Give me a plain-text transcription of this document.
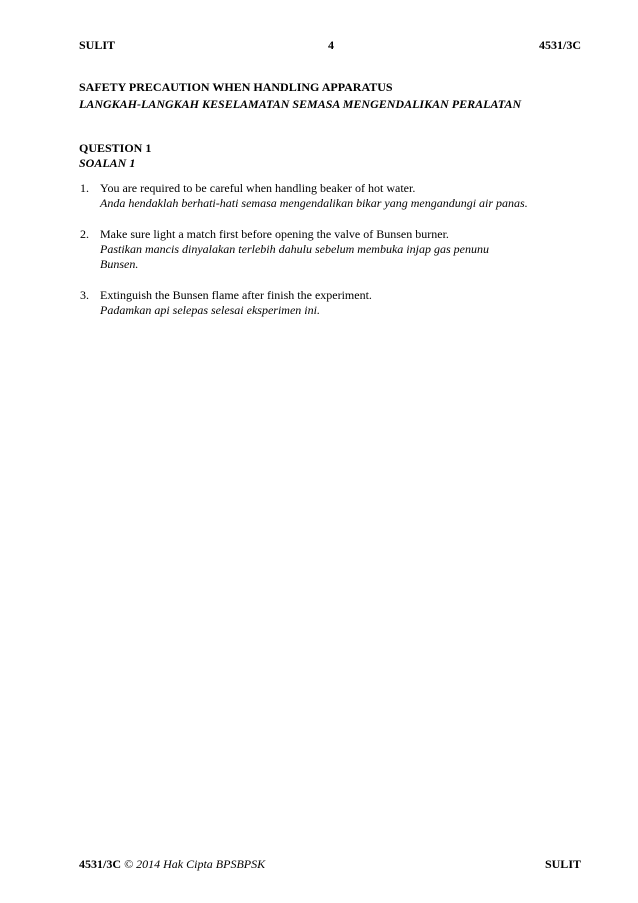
SULIT	4	4531/3C
SAFETY PRECAUTION WHEN HANDLING APPARATUS
LANGKAH-LANGKAH KESELAMATAN SEMASA MENGENDALIKAN PERALATAN
QUESTION 1
SOALAN 1
1. You are required to be careful when handling beaker of hot water.
Anda hendaklah berhati-hati semasa mengendalikan bikar yang mengandungi air panas.
2. Make sure light a match first before opening the valve of Bunsen burner.
Pastikan mancis dinyalakan terlebih dahulu sebelum membuka injap gas penunu Bunsen.
3. Extinguish the Bunsen flame after finish the experiment.
Padamkan api selepas selesai eksperimen ini.
4531/3C © 2014 Hak Cipta BPSBPSK	SULIT
